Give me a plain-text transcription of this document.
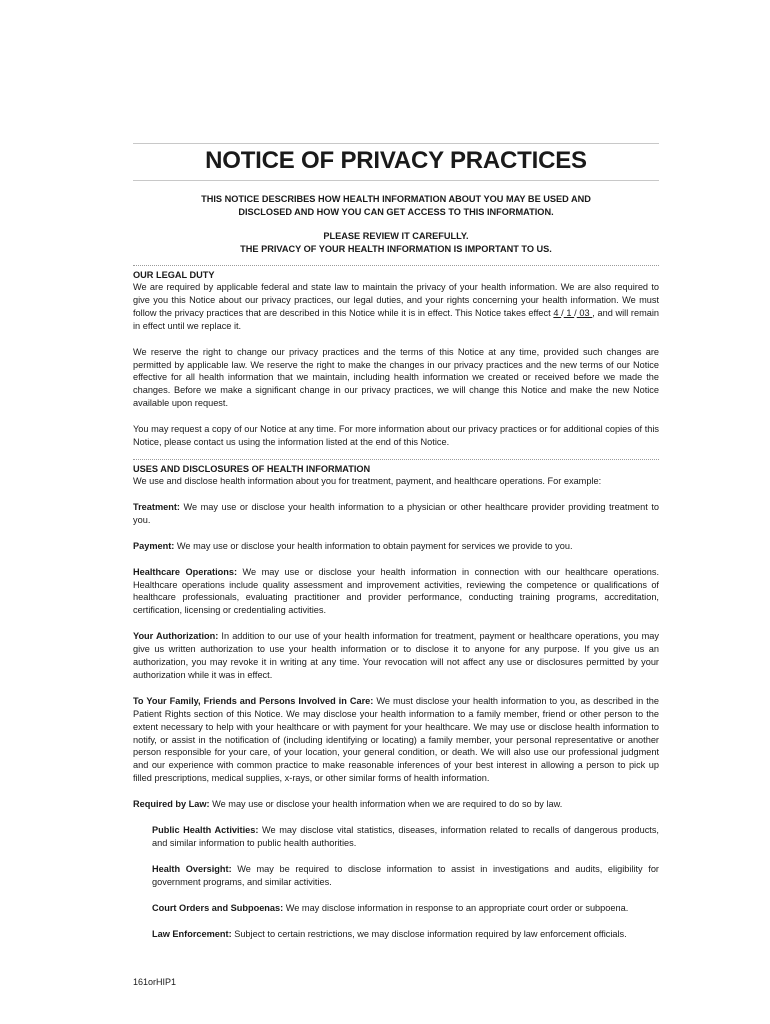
NOTICE OF PRIVACY PRACTICES

THIS NOTICE DESCRIBES HOW HEALTH INFORMATION ABOUT YOU MAY BE USED AND

DISCLOSED AND HOW YOU CAN GET ACCESS TO THIS INFORMATION.

PLEASE REVIEW IT CAREFULLY.

THE PRIVACY OF YOUR HEALTH INFORMATION IS IMPORTANT TO US.

OUR LEGAL DUTY

We are required by applicable federal and state law to maintain the privacy of your health information. We are also required to give you this Notice about our privacy practices, our legal duties, and your rights concerning your health information. We must follow the privacy practices that are described in this Notice while it is in effect. This Notice takes effect 4 / 1 / 03 , and will remain in effect until we replace it.

We reserve the right to change our privacy practices and the terms of this Notice at any time, provided such changes are permitted by applicable law. We reserve the right to make the changes in our privacy practices and the new terms of our Notice effective for all health information that we maintain, including health information we created or received before we made the changes. Before we make a significant change in our privacy practices, we will change this Notice and make the new Notice available upon request.

You may request a copy of our Notice at any time. For more information about our privacy practices or for additional copies of this Notice, please contact us using the information listed at the end of this Notice.

USES AND DISCLOSURES OF HEALTH INFORMATION

We use and disclose health information about you for treatment, payment, and healthcare operations. For example:

Treatment: We may use or disclose your health information to a physician or other healthcare provider providing treatment to you.

Payment: We may use or disclose your health information to obtain payment for services we provide to you.

Healthcare Operations: We may use or disclose your health information in connection with our healthcare operations. Healthcare operations include quality assessment and improvement activities, reviewing the competence or qualifications of healthcare professionals, evaluating practitioner and provider performance, conducting training programs, accreditation, certification, licensing or credentialing activities.

Your Authorization: In addition to our use of your health information for treatment, payment or healthcare operations, you may give us written authorization to use your health information or to disclose it to anyone for any purpose. If you give us an authorization, you may revoke it in writing at any time. Your revocation will not affect any use or disclosures permitted by your authorization while it was in effect.

To Your Family, Friends and Persons Involved in Care: We must disclose your health information to you, as described in the Patient Rights section of this Notice. We may disclose your health information to a family member, friend or other person to the extent necessary to help with your healthcare or with payment for your healthcare. We may use or disclose health information to notify, or assist in the notification of (including identifying or locating) a family member, your personal representative or another person responsible for your care, of your location, your general condition, or death. We will also use our professional judgment and our experience with common practice to make reasonable inferences of your best interest in allowing a person to pick up filled prescriptions, medical supplies, x-rays, or other similar forms of health information.

Required by Law: We may use or disclose your health information when we are required to do so by law.

Public Health Activities: We may disclose vital statistics, diseases, information related to recalls of dangerous products, and similar information to public health authorities.

Health Oversight: We may be required to disclose information to assist in investigations and audits, eligibility for government programs, and similar activities.

Court Orders and Subpoenas: We may disclose information in response to an appropriate court order or subpoena.

Law Enforcement: Subject to certain restrictions, we may disclose information required by law enforcement officials.

161orHIP1
